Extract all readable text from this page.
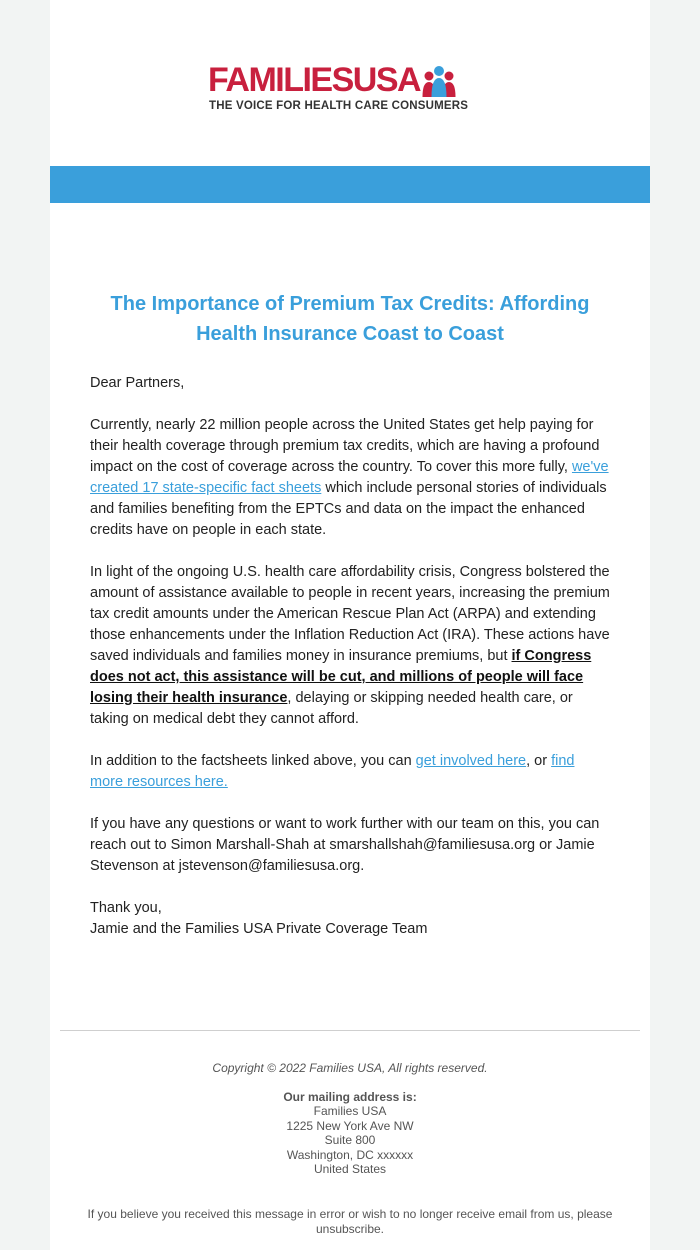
FAMILIES USA
THE VOICE FOR HEALTH CARE CONSUMERS
The Importance of Premium Tax Credits: Affording Health Insurance Coast to Coast

Dear Partners,

Currently, nearly 22 million people across the United States get help paying for their health coverage through premium tax credits, which are having a profound impact on the cost of coverage across the country. To cover this more fully, we've created 17 state-specific fact sheets which include personal stories of individuals and families benefiting from the EPTCs and data on the impact the enhanced credits have on people in each state.

In light of the ongoing U.S. health care affordability crisis, Congress bolstered the amount of assistance available to people in recent years, increasing the premium tax credit amounts under the American Rescue Plan Act (ARPA) and extending those enhancements under the Inflation Reduction Act (IRA). These actions have saved individuals and families money in insurance premiums, but if Congress does not act, this assistance will be cut, and millions of people will face losing their health insurance, delaying or skipping needed health care, or taking on medical debt they cannot afford.

In addition to the factsheets linked above, you can get involved here, or find more resources here.

If you have any questions or want to work further with our team on this, you can reach out to Simon Marshall-Shah at smarshallshah@familiesusa.org or Jamie Stevenson at jstevenson@familiesusa.org.

Thank you,
Jamie and the Families USA Private Coverage Team

Copyright © 2022 Families USA, All rights reserved.
Our mailing address is:
Families USA
1225 New York Ave NW
Suite 800
Washington, DC xxxxxx
United States
If you believe you received this message in error or wish to no longer receive email from us, please unsubscribe.
